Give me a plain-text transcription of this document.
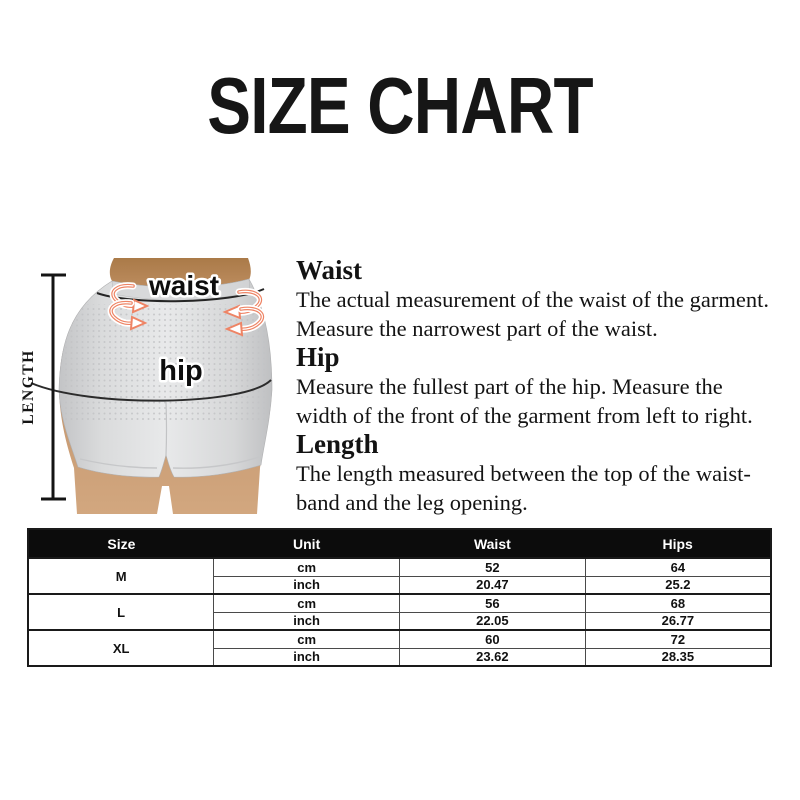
SIZE CHART
waist
hip
LENGTH
Waist
The actual measurement of the waist of the garment.
Measure the narrowest part of the waist.
Hip
Measure the fullest part of the hip. Measure the
width of the front of the garment from left to right.
Length
The length measured between the top of the waist-
band and the leg opening.
Size	Unit	Waist	Hips
M	cm	52	64
	inch	20.47	25.2
L	cm	56	68
	inch	22.05	26.77
XL	cm	60	72
	inch	23.62	28.35
